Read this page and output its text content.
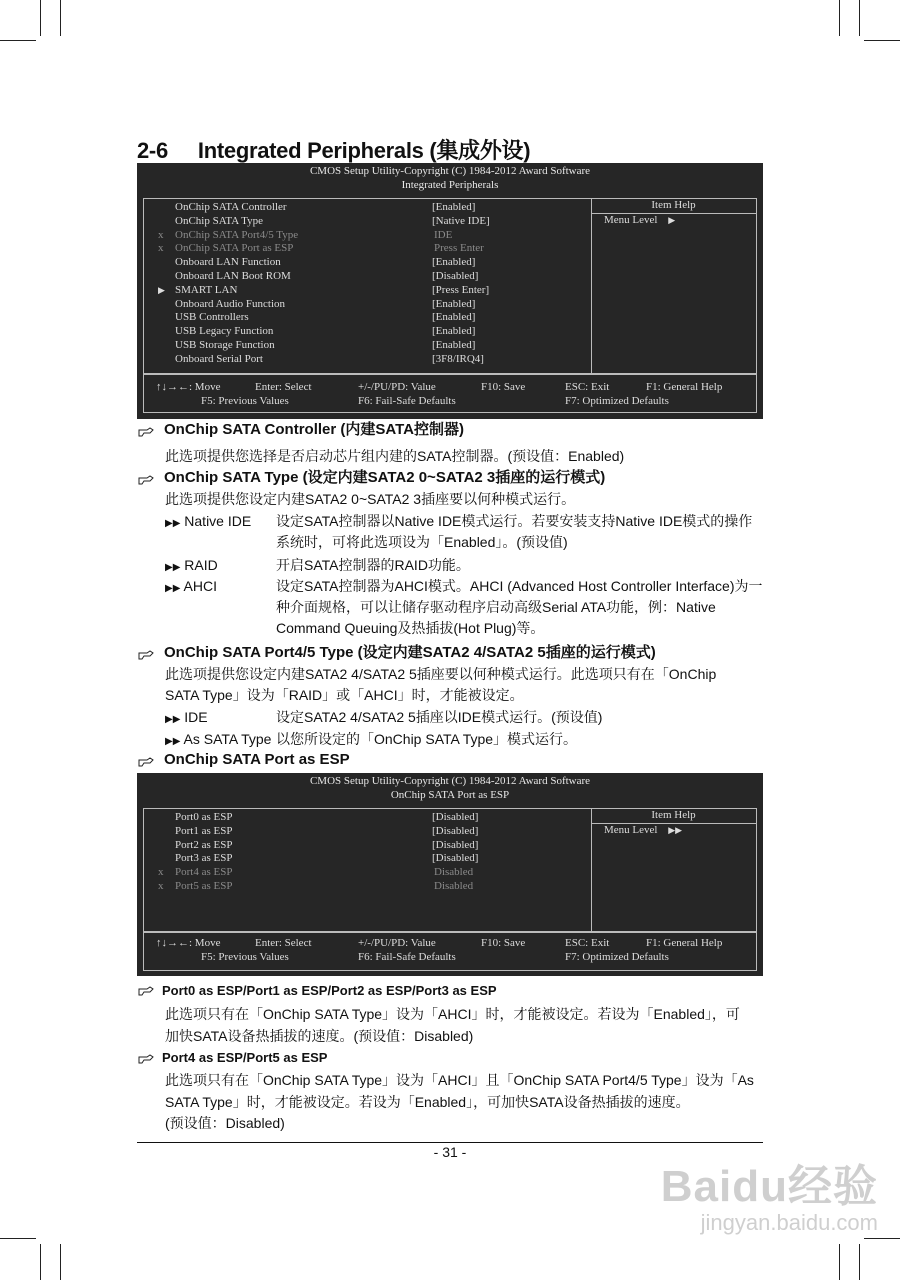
2-6 Integrated Peripherals (集成外设)
CMOS Setup Utility-Copyright (C) 1984-2012 Award Software
Integrated Peripherals
Item Help
Menu Level ▶
OnChip SATA Controller	[Enabled]
OnChip SATA Type	[Native IDE]
x OnChip SATA Port4/5 Type	IDE
x OnChip SATA Port as ESP	Press Enter
Onboard LAN Function	[Enabled]
Onboard LAN Boot ROM	[Disabled]
▶ SMART LAN	[Press Enter]
Onboard Audio Function	[Enabled]
USB Controllers	[Enabled]
USB Legacy Function	[Enabled]
USB Storage Function	[Enabled]
Onboard Serial Port	[3F8/IRQ4]
↑↓→←: Move	Enter: Select	+/-/PU/PD: Value	F10: Save	ESC: Exit	F1: General Help
F5: Previous Values	F6: Fail-Safe Defaults	F7: Optimized Defaults
OnChip SATA Controller (内建SATA控制器)
此选项提供您选择是否启动芯片组内建的SATA控制器。(预设值：Enabled)
OnChip SATA Type (设定内建SATA2 0~SATA2 3插座的运行模式)
此选项提供您设定内建SATA2 0~SATA2 3插座要以何种模式运行。
▶▶ Native IDE 设定SATA控制器以Native IDE模式运行。若要安装支持Native IDE模式的操作系统时，可将此选项设为「Enabled」。(预设值)
▶▶ RAID	开启SATA控制器的RAID功能。
▶▶ AHCI	设定SATA控制器为AHCI模式。AHCI (Advanced Host Controller Interface)为一种介面规格，可以让储存驱动程序启动高级Serial ATA功能，例：Native Command Queuing及热插拔(Hot Plug)等。
OnChip SATA Port4/5 Type (设定内建SATA2 4/SATA2 5插座的运行模式)
此选项提供您设定内建SATA2 4/SATA2 5插座要以何种模式运行。此选项只有在「OnChip
SATA Type」设为「RAID」或「AHCI」时，才能被设定。
▶▶ IDE	设定SATA2 4/SATA2 5插座以IDE模式运行。(预设值)
▶▶ As SATA Type 以您所设定的「OnChip SATA Type」模式运行。
OnChip SATA Port as ESP
CMOS Setup Utility-Copyright (C) 1984-2012 Award Software
OnChip SATA Port as ESP
Item Help
Menu Level ▶▶
Port0 as ESP	[Disabled]
Port1 as ESP	[Disabled]
Port2 as ESP	[Disabled]
Port3 as ESP	[Disabled]
x Port4 as ESP	Disabled
x Port5 as ESP	Disabled
↑↓→←: Move	Enter: Select	+/-/PU/PD: Value	F10: Save	ESC: Exit	F1: General Help
F5: Previous Values	F6: Fail-Safe Defaults	F7: Optimized Defaults
Port0 as ESP/Port1 as ESP/Port2 as ESP/Port3 as ESP
此选项只有在「OnChip SATA Type」设为「AHCI」时，才能被设定。若设为「Enabled」，可
加快SATA设备热插拔的速度。(预设值：Disabled)
Port4 as ESP/Port5 as ESP
此选项只有在「OnChip SATA Type」设为「AHCI」且「OnChip SATA Port4/5 Type」设为「As
SATA Type」时，才能被设定。若设为「Enabled」，可加快SATA设备热插拔的速度。
(预设值：Disabled)
- 31 -
Baidu经验
jingyan.baidu.com
